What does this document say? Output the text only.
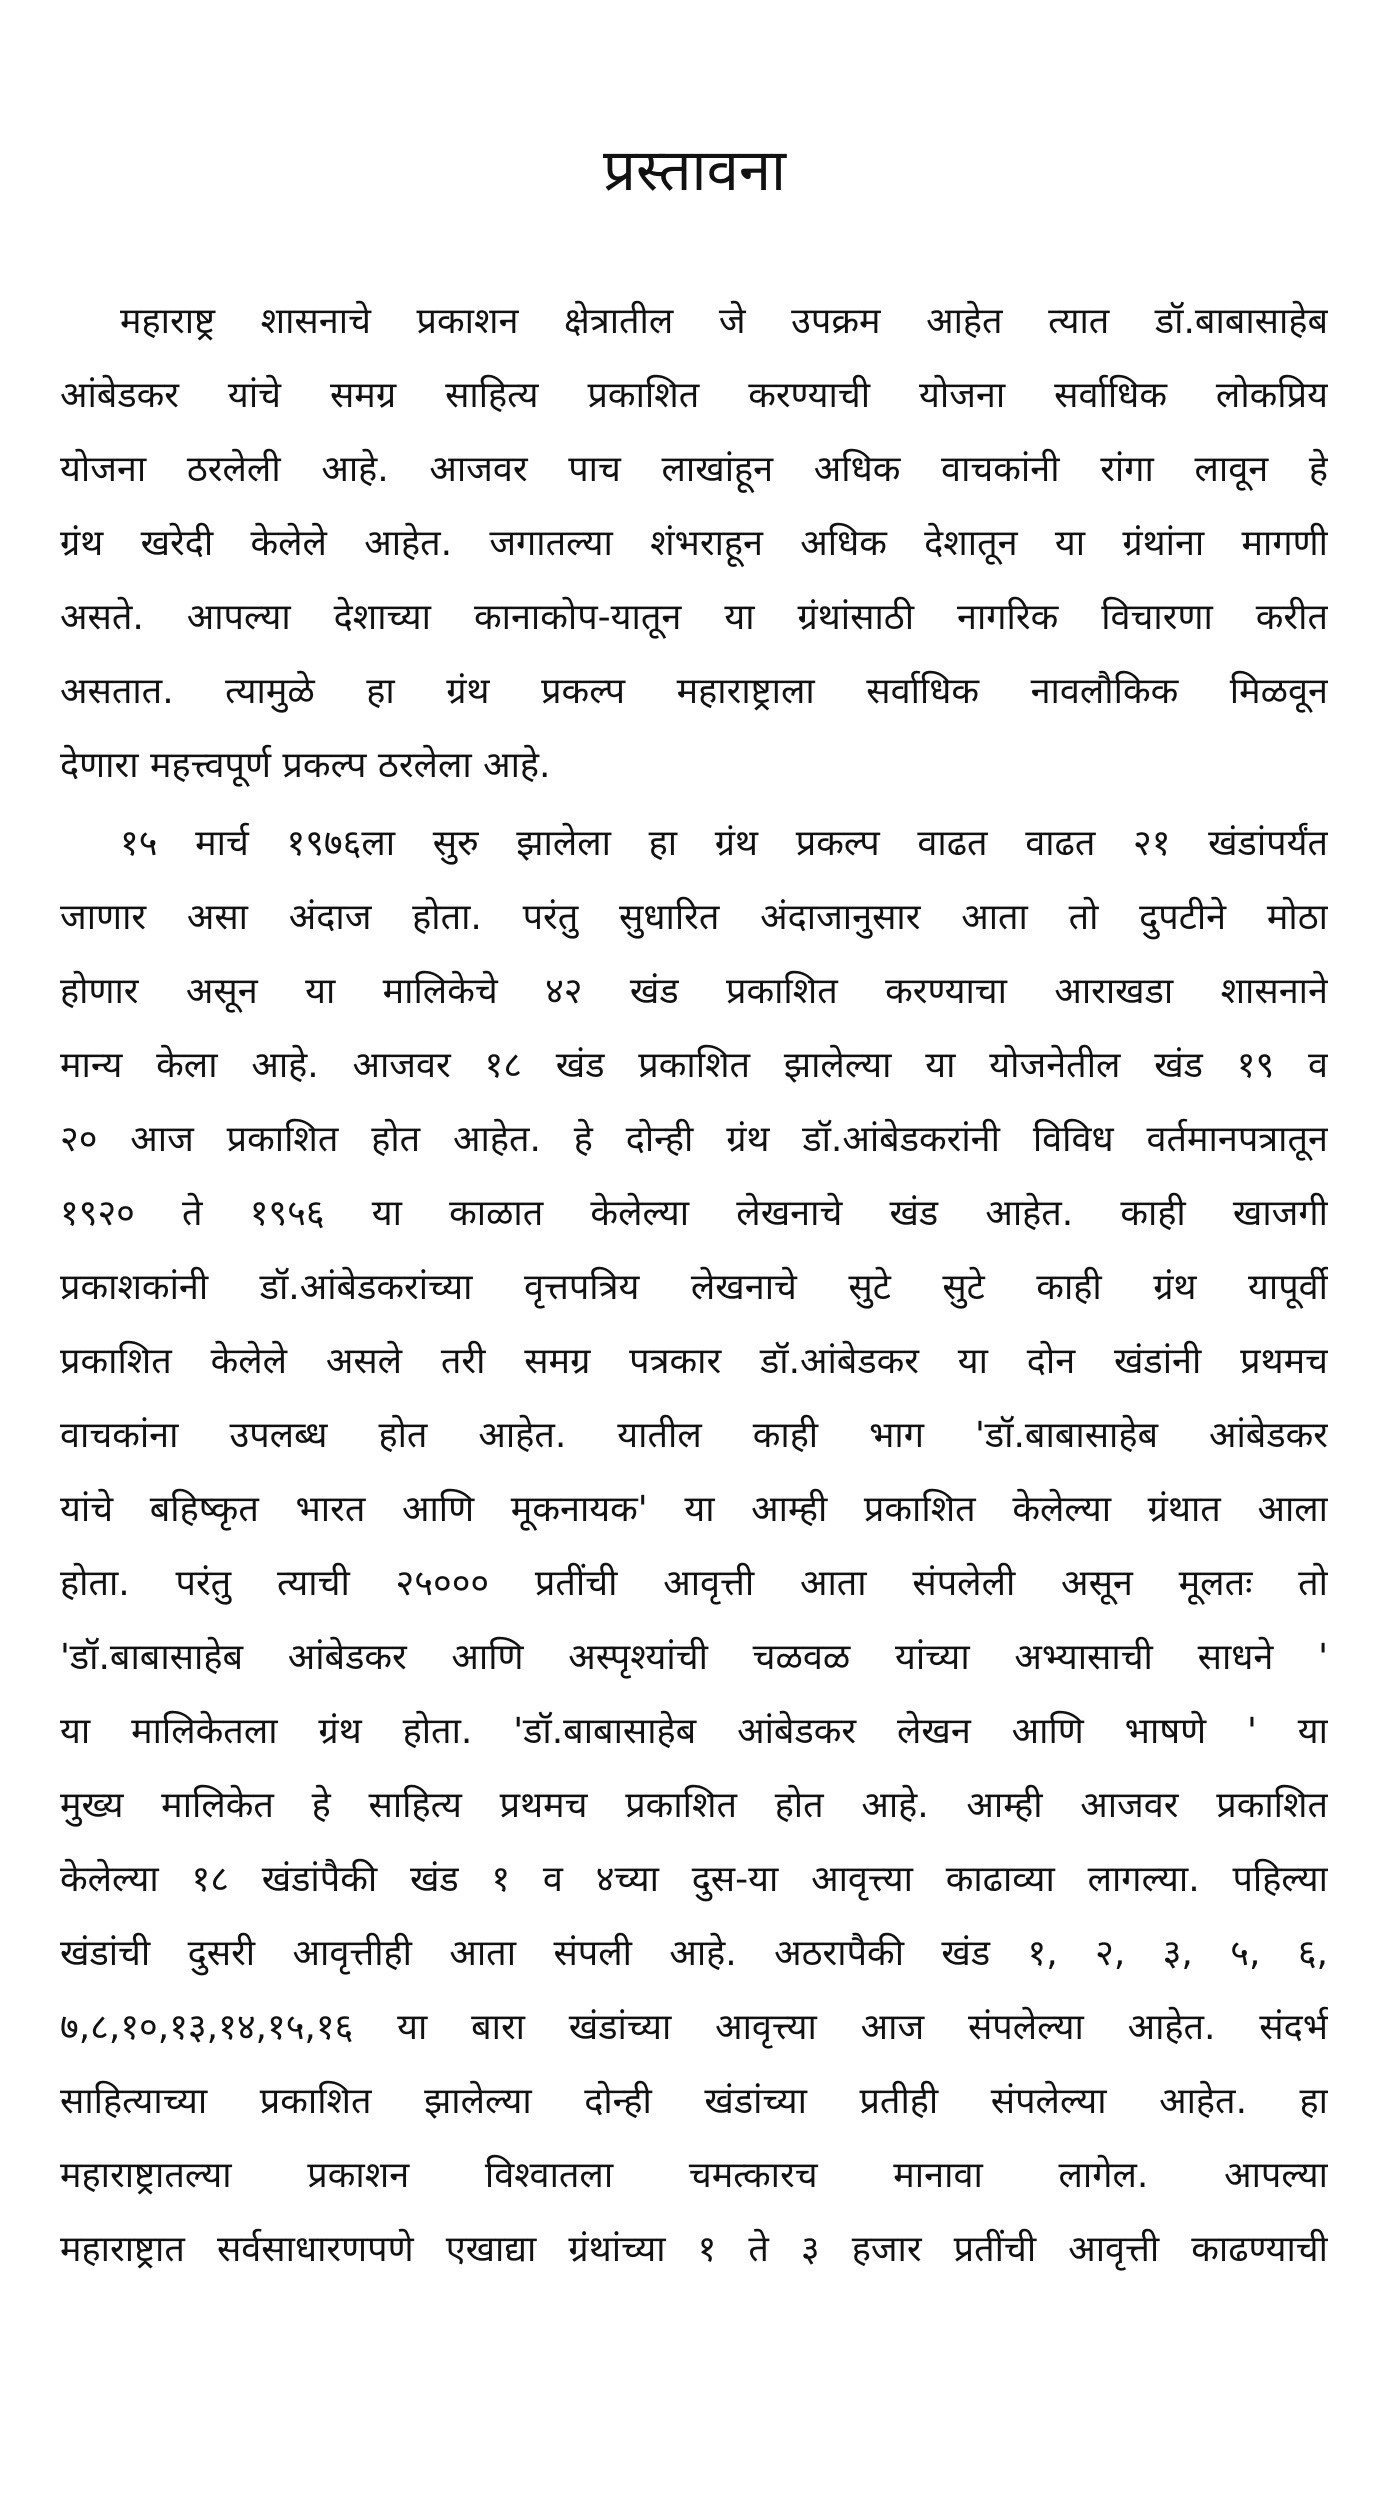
प्रस्तावना

महाराष्ट्र शासनाचे प्रकाशन क्षेत्रातील जे उपक्रम आहेत त्यात डॉ.बाबासाहेब

आंबेडकर यांचे समग्र साहित्य प्रकाशित करण्याची योजना सर्वाधिक लोकप्रिय

योजना ठरलेली आहे. आजवर पाच लाखांहून अधिक वाचकांनी रांगा लावून हे

ग्रंथ खरेदी केलेले आहेत. जगातल्या शंभराहून अधिक देशातून या ग्रंथांना मागणी

असते. आपल्या देशाच्या कानाकोप-यातून या ग्रंथांसाठी नागरिक विचारणा करीत

असतात. त्यामुळे हा ग्रंथ प्रकल्प महाराष्ट्राला सर्वाधिक नावलौकिक मिळवून

देणारा महत्त्वपूर्ण प्रकल्प ठरलेला आहे.

१५ मार्च १९७६ला सुरु झालेला हा ग्रंथ प्रकल्प वाढत वाढत २१ खंडांपर्यंत

जाणार असा अंदाज होता. परंतु सुधारित अंदाजानुसार आता तो दुपटीने मोठा

होणार असून या मालिकेचे ४२ खंड प्रकाशित करण्याचा आराखडा शासनाने

मान्य केला आहे. आजवर १८ खंड प्रकाशित झालेल्या या योजनेतील खंड १९ व

२० आज प्रकाशित होत आहेत. हे दोन्ही ग्रंथ डॉ.आंबेडकरांनी विविध वर्तमानपत्रातून

१९२० ते १९५६ या काळात केलेल्या लेखनाचे खंड आहेत. काही खाजगी

प्रकाशकांनी डॉ.आंबेडकरांच्या वृत्तपत्रिय लेखनाचे सुटे सुटे काही ग्रंथ यापूर्वी

प्रकाशित केलेले असले तरी समग्र पत्रकार डॉ.आंबेडकर या दोन खंडांनी प्रथमच

वाचकांना उपलब्ध होत आहेत. यातील काही भाग 'डॉ.बाबासाहेब आंबेडकर

यांचे बहिष्कृत भारत आणि मूकनायक' या आम्ही प्रकाशित केलेल्या ग्रंथात आला

होता. परंतु त्याची २५००० प्रतींची आवृत्ती आता संपलेली असून मूलतः तो

'डॉ.बाबासाहेब आंबेडकर आणि अस्पृश्यांची चळवळ यांच्या अभ्यासाची साधने '

या मालिकेतला ग्रंथ होता. 'डॉ.बाबासाहेब आंबेडकर लेखन आणि भाषणे ' या

मुख्य मालिकेत हे साहित्य प्रथमच प्रकाशित होत आहे. आम्ही आजवर प्रकाशित

केलेल्या १८ खंडांपैकी खंड १ व ४च्या दुस-या आवृत्त्या काढाव्या लागल्या. पहिल्या

खंडांची दुसरी आवृत्तीही आता संपली आहे. अठरापैकी खंड १, २, ३, ५, ६,

७,८,१०,१३,१४,१५,१६ या बारा खंडांच्या आवृत्त्या आज संपलेल्या आहेत. संदर्भ

साहित्याच्या प्रकाशित झालेल्या दोन्ही खंडांच्या प्रतीही संपलेल्या आहेत. हा

महाराष्ट्रातल्या प्रकाशन विश्वातला चमत्कारच मानावा लागेल. आपल्या

महाराष्ट्रात सर्वसाधारणपणे एखाद्या ग्रंथांच्या १ ते ३ हजार प्रतींची आवृत्ती काढण्याची
